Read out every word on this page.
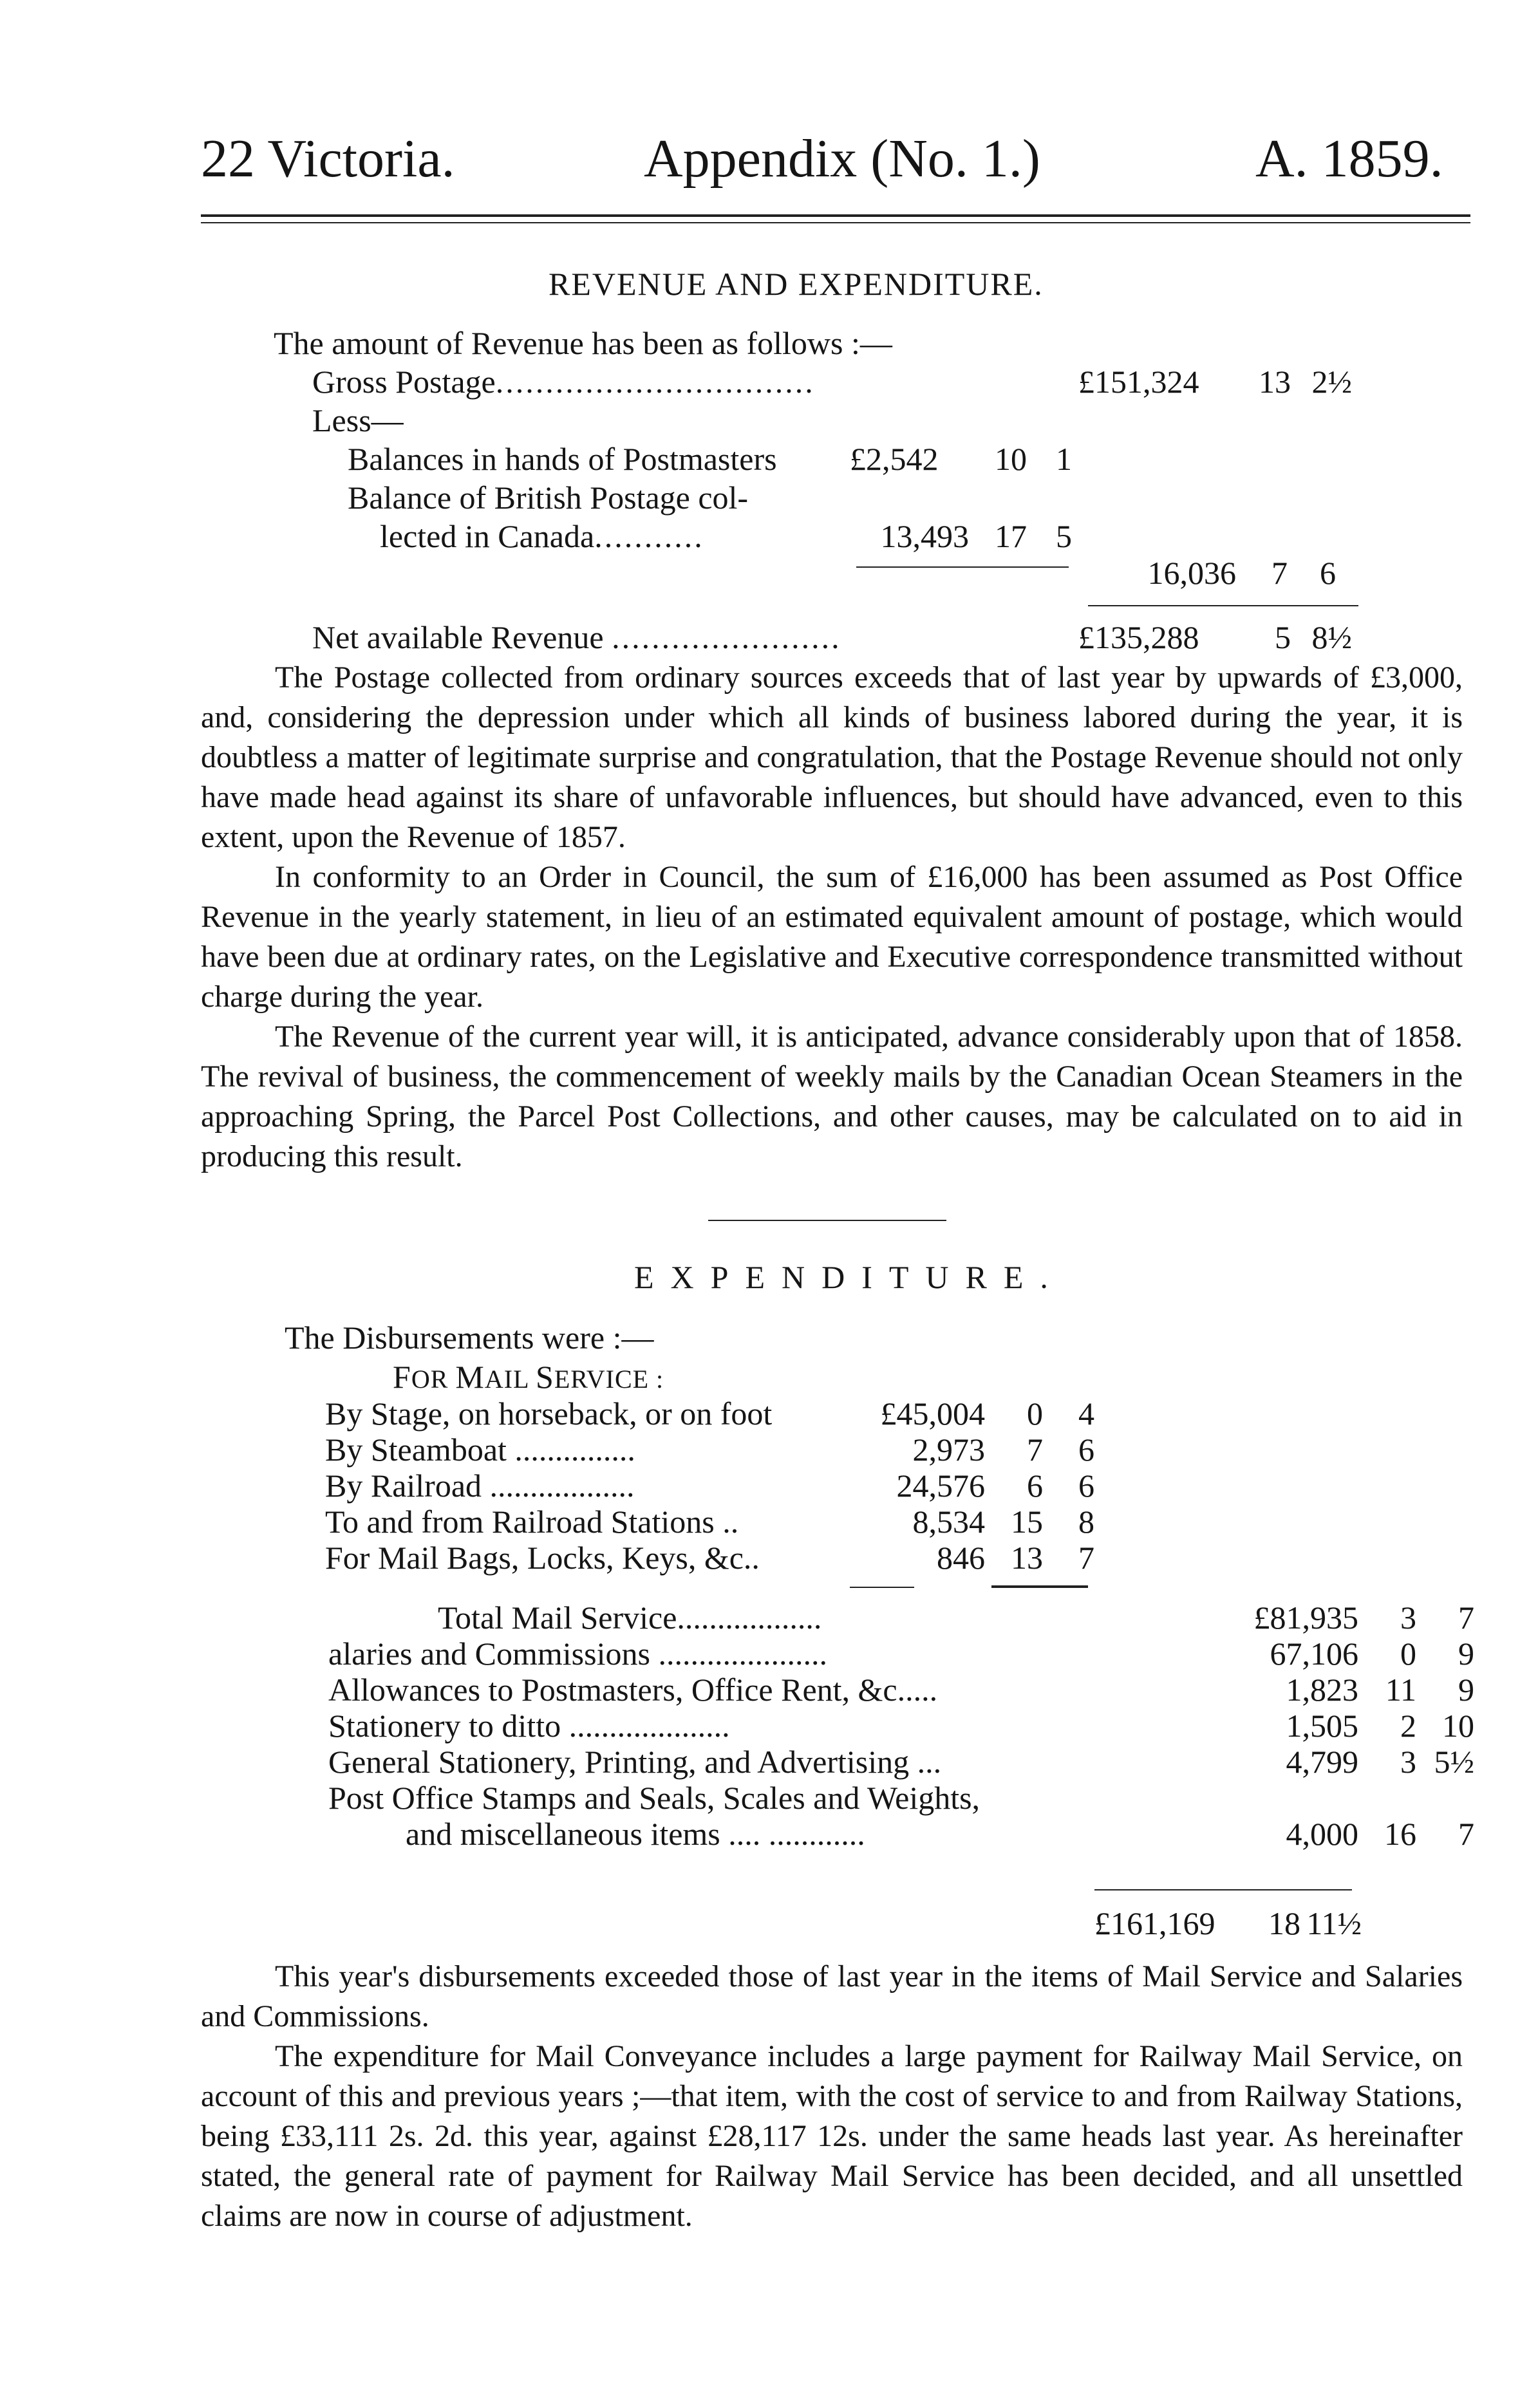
22 Victoria.	Appendix (No. 1.)	A. 1859.
REVENUE AND EXPENDITURE.
The amount of Revenue has been as follows :—
Gross Postage................................	£151,324 13 2½
Less—
Balances in hands of Postmasters £2,542 10 1
Balance of British Postage col-
lected in Canada...........	13,493 17 5
16,036 7 6
Net available Revenue .......................	£135,288 5 8½

The Postage collected from ordinary sources exceeds that of last year by upwards of £3,000, and, considering the depression under which all kinds of business labored during the year, it is doubtless a matter of legitimate surprise and congratulation, that the Postage Revenue should not only have made head against its share of unfavorable influences, but should have advanced, even to this extent, upon the Revenue of 1857.

In conformity to an Order in Council, the sum of £16,000 has been assumed as Post Office Revenue in the yearly statement, in lieu of an estimated equivalent amount of postage, which would have been due at ordinary rates, on the Legislative and Executive correspondence transmitted without charge during the year.

The Revenue of the current year will, it is anticipated, advance considerably upon that of 1858. The revival of business, the commencement of weekly mails by the Canadian Ocean Steamers in the approaching Spring, the Parcel Post Collections, and other causes, may be calculated on to aid in producing this result.

EXPENDITURE.
The Disbursements were :—
FOR MAIL SERVICE :
By Stage, on horseback, or on foot	£45,004	0	4
By Steamboat ...............	2,973	7	6
By Railroad ..................	24,576	6	6
To and from Railroad Stations ..	8,534	15	8
For Mail Bags, Locks, Keys, &c..	846	13	7
Total Mail Service..................	£81,935	3	7
alaries and Commissions .....................	67,106	0	9
Allowances to Postmasters, Office Rent, &c.....	1,823	11	9
Stationery to ditto ....................	1,505	2	10
General Stationery, Printing, and Advertising ...	4,799	3	5½
Post Office Stamps and Seals, Scales and Weights,			
and miscellaneous items .... ............	4,000	16	7
£161,169 18 11½

This year's disbursements exceeded those of last year in the items of Mail Service and Salaries and Commissions.

The expenditure for Mail Conveyance includes a large payment for Railway Mail Service, on account of this and previous years ;—that item, with the cost of service to and from Railway Stations, being £33,111 2s. 2d. this year, against £28,117 12s. under the same heads last year. As hereinafter stated, the general rate of payment for Railway Mail Service has been decided, and all unsettled claims are now in course of adjustment.
